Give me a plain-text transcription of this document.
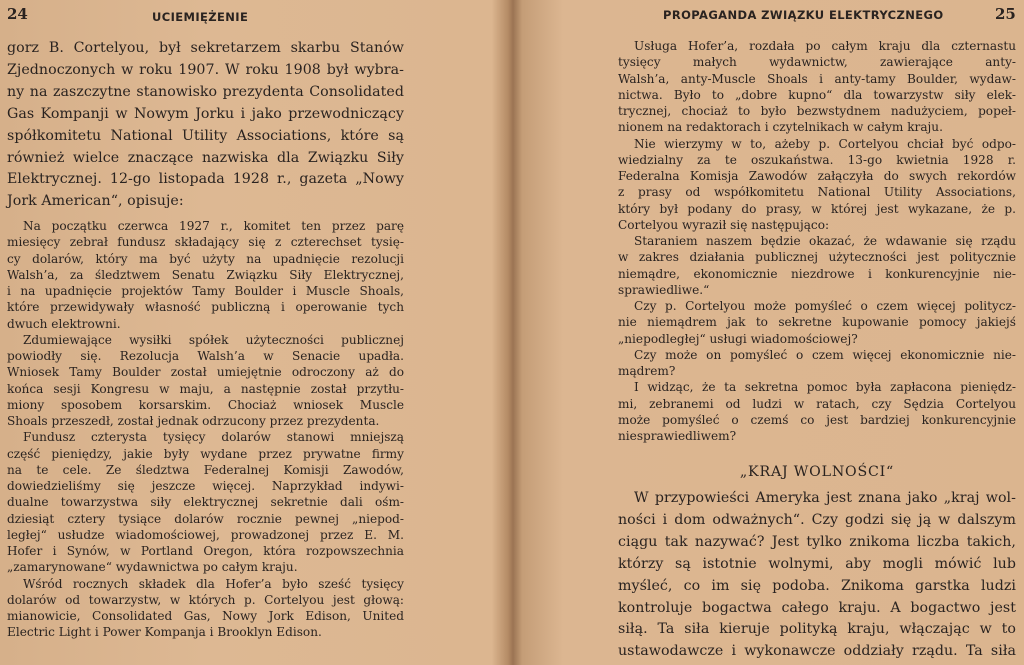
24	UCIEMIĘŻENIE

gorz B. Cortelyou, był sekretarzem skarbu Stanów

Zjednoczonych w roku 1907. W roku 1908 był wybra-

ny na zaszczytne stanowisko prezydenta Consolidated

Gas Kompanji w Nowym Jorku i jako przewodniczący

spółkomitetu National Utility Associations, które są

również wielce znaczące nazwiska dla Związku Siły

Elektrycznej. 12-go listopada 1928 r., gazeta „Nowy

Jork American“, opisuje:

Na początku czerwca 1927 r., komitet ten przez parę

miesięcy zebrał fundusz składający się z czterechset tysię-

cy dolarów, który ma być użyty na upadnięcie rezolucji

Walsh’a, za śledztwem Senatu Związku Siły Elektrycznej,

i na upadnięcie projektów Tamy Boulder i Muscle Shoals,

które przewidywały własność publiczną i operowanie tych

dwuch elektrowni.

Zdumiewające wysiłki spółek użyteczności publicznej

powiodły się. Rezolucja Walsh’a w Senacie upadła.

Wniosek Tamy Boulder został umiejętnie odroczony aż do

końca sesji Kongresu w maju, a następnie został przytłu-

miony sposobem korsarskim. Chociaż wniosek Muscle

Shoals przeszedł, został jednak odrzucony przez prezydenta.

Fundusz czterysta tysięcy dolarów stanowi mniejszą

część pieniędzy, jakie były wydane przez prywatne firmy

na te cele. Ze śledztwa Federalnej Komisji Zawodów,

dowiedzieliśmy się jeszcze więcej. Naprzykład indywi-

dualne towarzystwa siły elektrycznej sekretnie dali ośm-

dziesiąt cztery tysiące dolarów rocznie pewnej „niepod-

ległej“ usłudze wiadomościowej, prowadzonej przez E. M.

Hofer i Synów, w Portland Oregon, która rozpowszechnia

„zamarynowane“ wydawnictwa po całym kraju.

Wśród rocznych składek dla Hofer’a było sześć tysięcy

dolarów od towarzystw, w których p. Cortelyou jest głową:

mianowicie, Consolidated Gas, Nowy Jork Edison, United

Electric Light i Power Kompanja i Brooklyn Edison.

PROPAGANDA ZWIĄZKU ELEKTRYCZNEGO	25

Usługa Hofer’a, rozdała po całym kraju dla czternastu

tysięcy małych wydawnictw, zawierające anty-

Walsh’a, anty-Muscle Shoals i anty-tamy Boulder, wydaw-

nictwa. Było to „dobre kupno“ dla towarzystw siły elek-

trycznej, chociaż to było bezwstydnem nadużyciem, popeł-

nionem na redaktorach i czytelnikach w całym kraju.

Nie wierzymy w to, ażeby p. Cortelyou chciał być odpo-

wiedzialny za te oszukaństwa. 13-go kwietnia 1928 r.

Federalna Komisja Zawodów załączyła do swych rekordów

z prasy od współkomitetu National Utility Associations,

który był podany do prasy, w której jest wykazane, że p.

Cortelyou wyraził się następująco:

Staraniem naszem będzie okazać, że wdawanie się rządu

w zakres działania publicznej użyteczności jest politycznie

niemądre, ekonomicznie niezdrowe i konkurencyjnie nie-

sprawiedliwe.“

Czy p. Cortelyou może pomyśleć o czem więcej politycz-

nie niemądrem jak to sekretne kupowanie pomocy jakiejś

„niepodległej“ usługi wiadomościowej?

Czy może on pomyśleć o czem więcej ekonomicznie nie-

mądrem?

I widząc, że ta sekretna pomoc była zapłacona pieniędz-

mi, zebranemi od ludzi w ratach, czy Sędzia Cortelyou

może pomyśleć o czemś co jest bardziej konkurencyjnie

niesprawiedliwem?

„KRAJ WOLNOŚCI“

W przypowieści Ameryka jest znana jako „kraj wol-

ności i dom odważnych“. Czy godzi się ją w dalszym

ciągu tak nazywać? Jest tylko znikoma liczba takich,

którzy są istotnie wolnymi, aby mogli mówić lub

myśleć, co im się podoba. Znikoma garstka ludzi

kontroluje bogactwa całego kraju. A bogactwo jest

siłą. Ta siła kieruje polityką kraju, włączając w to

ustawodawcze i wykonawcze oddziały rządu. Ta siła
